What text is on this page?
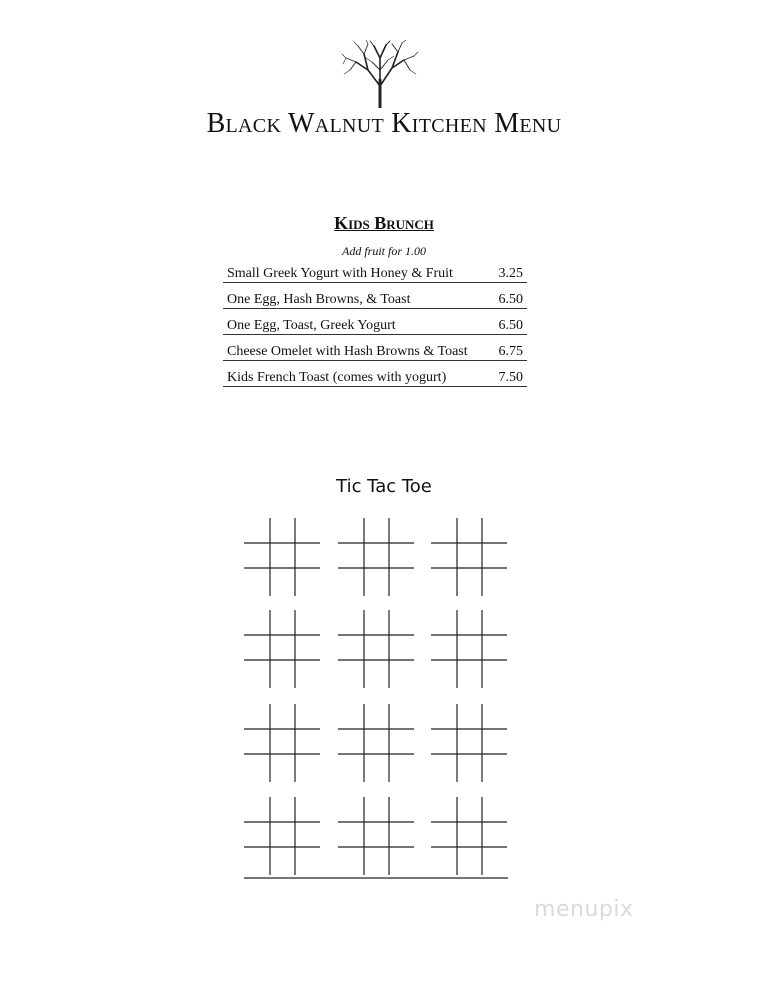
Black Walnut Kitchen Menu
Kids Brunch
Add fruit for 1.00
Small Greek Yogurt with Honey & Fruit	3.25
One Egg, Hash Browns, & Toast	6.50
One Egg, Toast, Greek Yogurt	6.50
Cheese Omelet with Hash Browns & Toast 6.75
Kids French Toast (comes with yogurt)	7.50
Tic Tac Toe
menupix
